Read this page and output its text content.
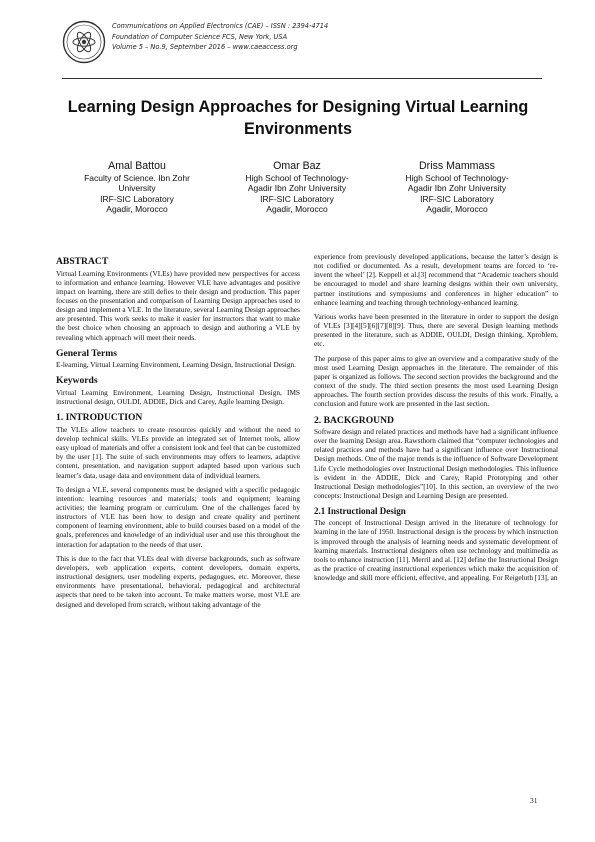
Communications on Applied Electronics (CAE) – ISSN : 2394-4714
Foundation of Computer Science FCS, New York, USA
Volume 5 – No.9, September 2016 – www.caeaccess.org
Learning Design Approaches for Designing Virtual Learning Environments
Amal Battou
Faculty of Science. Ibn Zohr
University
IRF-SIC Laboratory
Agadir, Morocco
Omar Baz
High School of Technology-
Agadir Ibn Zohr University
IRF-SIC Laboratory
Agadir, Morocco
Driss Mammass
High School of Technology-
Agadir Ibn Zohr University
IRF-SIC Laboratory
Agadir, Morocco
ABSTRACT

Virtual Learning Environments (VLEs) have provided new perspectives for access to information and enhance learning. However VLE have advantages and positive impact on learning, there are still defies to their design and production. This paper focuses on the presentation and comparison of Learning Design approaches used to design and implement a VLE. In the literature, several Learning Design approaches are presented. This work seeks to make it easier for instructors that want to make the best choice when choosing an approach to design and authoring a VLE by revealing which approach will meet their needs.

General Terms

E-learning, Virtual Learning Environment, Learning Design, Instructional Design.

Keywords

Virtual Learning Environment, Learning Design, Instructional Design, IMS instructional design, OULDI, ADDIE, Dick and Carey, Agile learning Design.

1. INTRODUCTION

The VLEs allow teachers to create resources quickly and without the need to develop technical skills. VLEs provide an integrated set of Internet tools, allow easy upload of materials and offer a consistent look and feel that can be customized by the user [1]. The suite of such environments may offers to learners, adaptive content, presentation, and navigation support adapted based upon various such learner’s data, usage data and environment data of individual learners.

To design a VLE, several components must be designed with a specific pedagogic intention: learning resources and materials; tools and equipment; learning activities; the learning program or curriculum. One of the challenges faced by instructors of VLE has been how to design and create quality and pertinent component of learning environment, able to build courses based on a model of the goals, preferences and knowledge of an individual user and use this throughout the interaction for adaptation to the needs of that user.

This is due to the fact that VLEs deal with diverse backgrounds, such as software developers, web application experts, content developers, domain experts, instructional designers, user modeling experts, pedagogues, etc. Moreover, these environments have presentational, behavioral, pedagogical and architectural aspects that need to be taken into account. To make matters worse, most VLE are designed and developed from scratch, without taking advantage of the

experience from previously developed applications, because the latter’s design is not codified or documented. As a result, development teams are forced to ‘re-invent the wheel’ [2]. Keppell et al.[3] recommend that “Academic teachers should be encouraged to model and share learning designs within their own university, partner institutions and symposiums and conferences in higher education” to enhance learning and teaching through technology-enhanced learning.

Various works have been presented in the literature in order to support the design of VLEs [3][4][5][6][7][8][9]. Thus, there are several Design learning methods presented in the literature, such as ADDIE, OULDI, Design thinking, Xproblem, etc.

The purpose of this paper aims to give an overview and a comparative study of the most used Learning Design approaches in the literature. The remainder of this paper is organized as follows. The second section provides the background and the context of the study. The third section presents the most used Learning Design approaches. The fourth section provides discuss the results of this work. Finally, a conclusion and future work are presented in the last section.

2. BACKGROUND

Software design and related practices and methods have had a significant influence over the learning Design area. Rawsthorn claimed that “computer technologies and related practices and methods have had a significant influence over Instructional Design methods. One of the major trends is the influence of Software Development Life Cycle methodologies over Instructional Design methodologies. This influence is evident in the ADDIE, Dick and Carey, Rapid Prototyping and other Instructional Design methodologies”[10]. In this section, an overview of the two concepts: Instructional Design and Learning Design are presented.

2.1 Instructional Design

The concept of Instructional Design arrived in the literature of technology for learning in the late of 1950. Instructional design is the process by which instruction is improved through the analysis of learning needs and systematic development of learning materials. Instructional designers often use technology and multimedia as tools to enhance instruction [11]. Merril and al. [12] define the Instructional Design as the practice of creating instructional experiences which make the acquisition of knowledge and skill more efficient, effective, and appealing. For Reigeluth [13], an

31
